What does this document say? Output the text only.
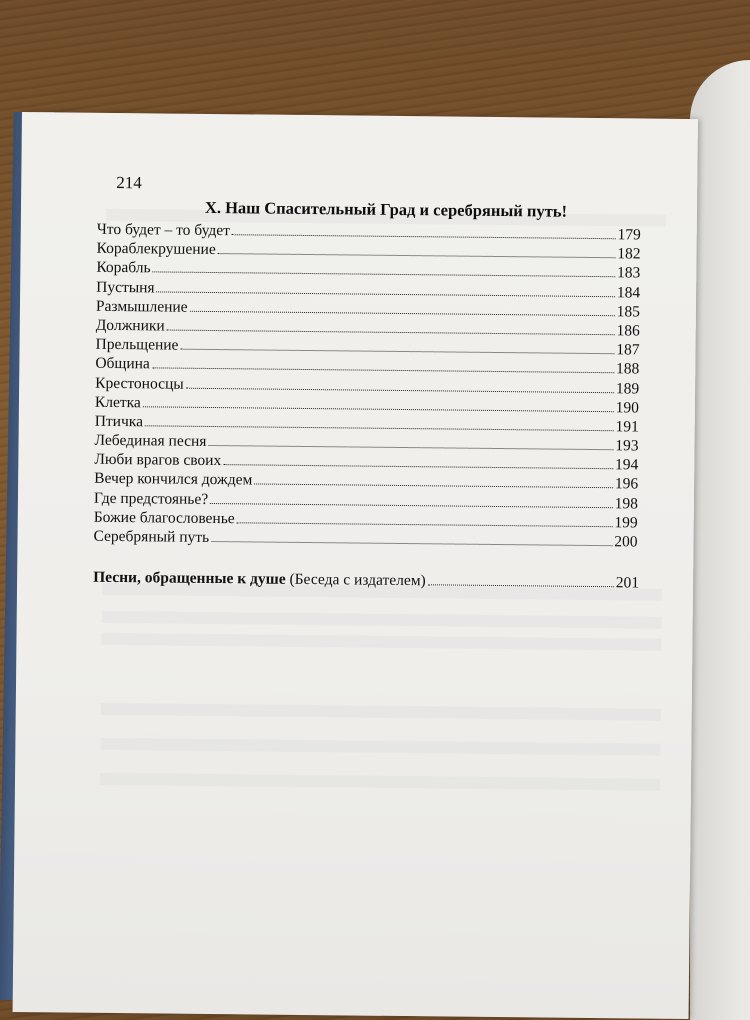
214
X. Наш Спасительный Град и серебряный путь!
Что будет – то будет	179
Кораблекрушение	182
Корабль	183
Пустыня	184
Размышление	185
Должники	186
Прельщение	187
Община	188
Крестоносцы	189
Клетка	190
Птичка	191
Лебединая песня	193
Люби врагов своих	194
Вечер кончился дождем	196
Где предстоянье?	198
Божие благословенье	199
Серебряный путь	200
Песни, обращенные к душе (Беседа с издателем)	201
